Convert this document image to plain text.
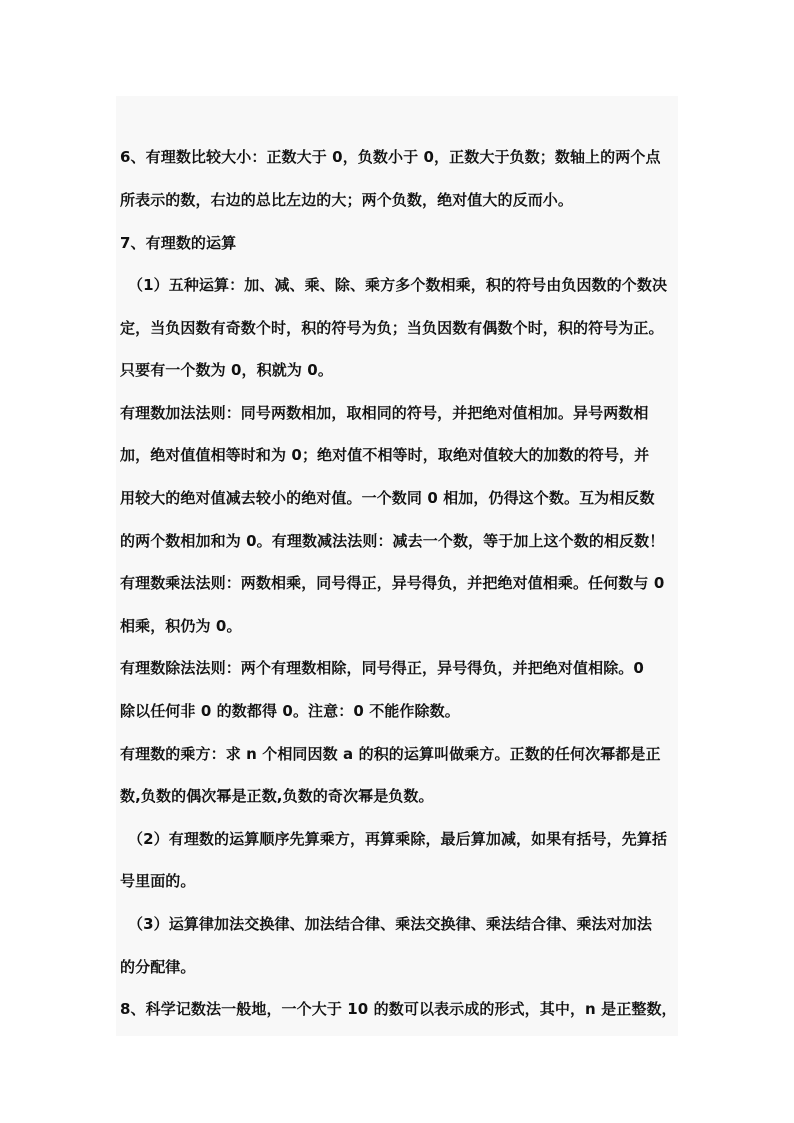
6、有理数比较大小：正数大于 0，负数小于 0，正数大于负数；数轴上的两个点
所表示的数，右边的总比左边的大；两个负数，绝对值大的反而小。
7、有理数的运算
（1）五种运算：加、减、乘、除、乘方多个数相乘，积的符号由负因数的个数决
定，当负因数有奇数个时，积的符号为负；当负因数有偶数个时，积的符号为正。
只要有一个数为 0，积就为 0。
有理数加法法则：同号两数相加，取相同的符号，并把绝对值相加。异号两数相
加，绝对值值相等时和为 0；绝对值不相等时，取绝对值较大的加数的符号，并
用较大的绝对值减去较小的绝对值。一个数同 0 相加，仍得这个数。互为相反数
的两个数相加和为 0。有理数减法法则：减去一个数，等于加上这个数的相反数！
有理数乘法法则：两数相乘，同号得正，异号得负，并把绝对值相乘。任何数与 0
相乘，积仍为 0。
有理数除法法则：两个有理数相除，同号得正，异号得负，并把绝对值相除。0
除以任何非 0 的数都得 0。注意：0 不能作除数。
有理数的乘方：求 n 个相同因数 a 的积的运算叫做乘方。正数的任何次幂都是正
数,负数的偶次幂是正数,负数的奇次幂是负数。
（2）有理数的运算顺序先算乘方，再算乘除，最后算加减，如果有括号，先算括
号里面的。
（3）运算律加法交换律、加法结合律、乘法交换律、乘法结合律、乘法对加法
的分配律。
8、科学记数法一般地，一个大于 10 的数可以表示成的形式，其中，n 是正整数，
